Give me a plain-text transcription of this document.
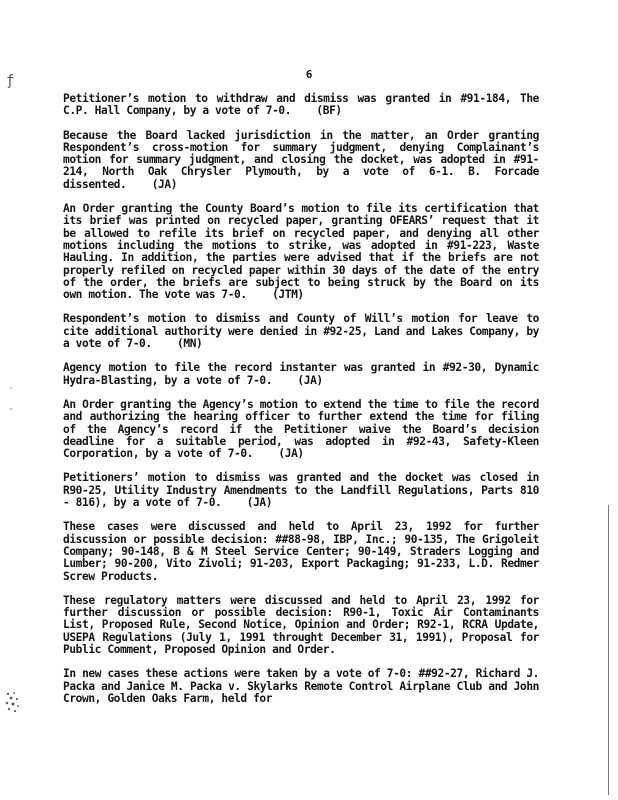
ƒ
′
ˏ
6

Petitioner’s motion to withdraw and dismiss was granted in #91-184, The C.P. Hall Company, by a vote of 7-0. (BF)

Because the Board lacked jurisdiction in the matter, an Order granting Respondent’s cross-motion for summary judgment, denying Complainant’s motion for summary judgment, and closing the docket, was adopted in #91-214, North Oak Chrysler Plymouth, by a vote of 6-1. B. Forcade dissented. (JA)

An Order granting the County Board’s motion to file its certification that its brief was printed on recycled paper, granting OFEARS’ request that it be allowed to refile its brief on recycled paper, and denying all other motions including the motions to strike, was adopted in #91-223, Waste Hauling. In addition, the parties were advised that if the briefs are not properly refiled on recycled paper within 30 days of the date of the entry of the order, the briefs are subject to being struck by the Board on its own motion. The vote was 7-0. (JTM)

Respondent’s motion to dismiss and County of Will’s motion for leave to cite additional authority were denied in #92-25, Land and Lakes Company, by a vote of 7-0. (MN)

Agency motion to file the record instanter was granted in #92-30, Dynamic Hydra-Blasting, by a vote of 7-0. (JA)

An Order granting the Agency’s motion to extend the time to file the record and authorizing the hearing officer to further extend the time for filing of the Agency’s record if the Petitioner waive the Board’s decision deadline for a suitable period, was adopted in #92-43, Safety-Kleen Corporation, by a vote of 7-0. (JA)

Petitioners’ motion to dismiss was granted and the docket was closed in R90-25, Utility Industry Amendments to the Landfill Regulations, Parts 810 - 816), by a vote of 7-0. (JA)

These cases were discussed and held to April 23, 1992 for further discussion or possible decision: ##88-98, IBP, Inc.; 90-135, The Grigoleit Company; 90-148, B & M Steel Service Center; 90-149, Straders Logging and Lumber; 90-200, Vito Zivoli; 91-203, Export Packaging; 91-233, L.D. Redmer Screw Products.

These regulatory matters were discussed and held to April 23, 1992 for further discussion or possible decision: R90-1, Toxic Air Contaminants List, Proposed Rule, Second Notice, Opinion and Order; R92-1, RCRA Update, USEPA Regulations (July 1, 1991 throught December 31, 1991), Proposal for Public Comment, Proposed Opinion and Order.

In new cases these actions were taken by a vote of 7-0: ##92-27, Richard J. Packa and Janice M. Packa v. Skylarks Remote Control Airplane Club and John Crown, Golden Oaks Farm, held for
